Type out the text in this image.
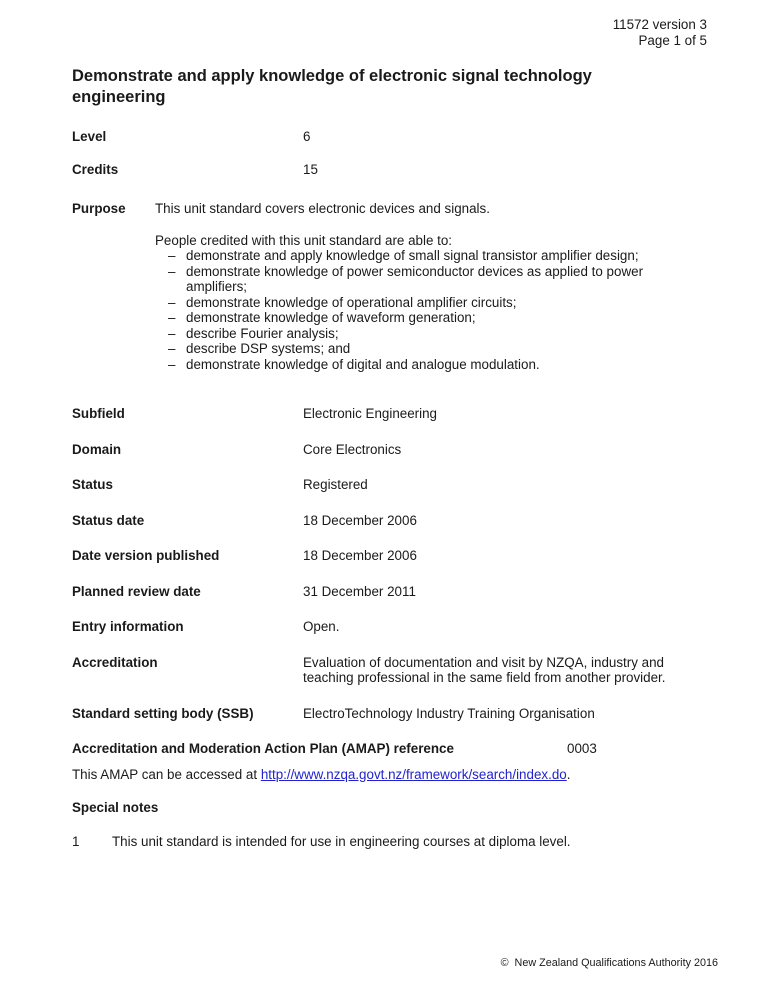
11572 version 3
Page 1 of 5
Demonstrate and apply knowledge of electronic signal technology engineering
Level	6
Credits	15
Purpose	This unit standard covers electronic devices and signals.
People credited with this unit standard are able to:
– demonstrate and apply knowledge of small signal transistor amplifier design;
– demonstrate knowledge of power semiconductor devices as applied to power amplifiers;
– demonstrate knowledge of operational amplifier circuits;
– demonstrate knowledge of waveform generation;
– describe Fourier analysis;
– describe DSP systems; and
– demonstrate knowledge of digital and analogue modulation.
Subfield	Electronic Engineering
Domain	Core Electronics
Status	Registered
Status date	18 December 2006
Date version published	18 December 2006
Planned review date	31 December 2011
Entry information	Open.
Accreditation	Evaluation of documentation and visit by NZQA, industry and teaching professional in the same field from another provider.
Standard setting body (SSB)	ElectroTechnology Industry Training Organisation
Accreditation and Moderation Action Plan (AMAP) reference	0003
This AMAP can be accessed at http://www.nzqa.govt.nz/framework/search/index.do.
Special notes
1	This unit standard is intended for use in engineering courses at diploma level.
©  New Zealand Qualifications Authority 2016
